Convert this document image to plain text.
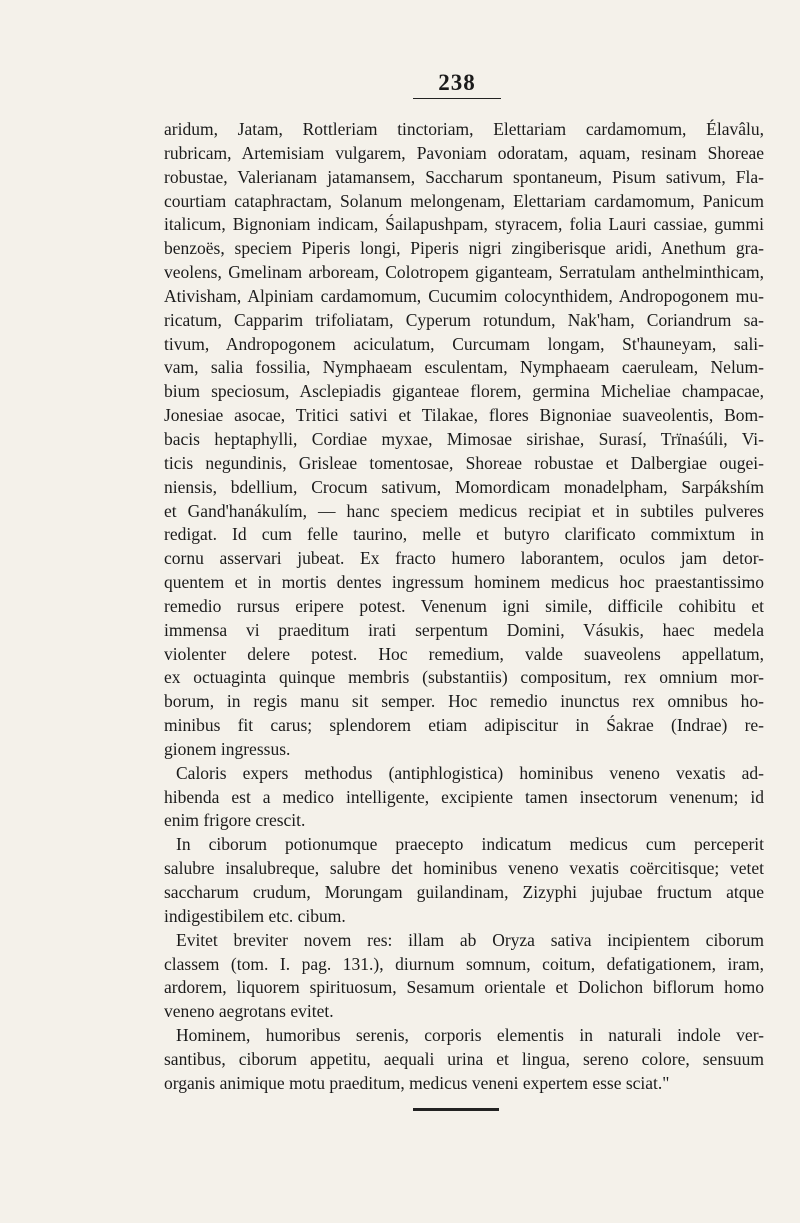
238
aridum, Jatam, Rottleriam tinctoriam, Elettariam cardamomum, Élavâlu,
rubricam, Artemisiam vulgarem, Pavoniam odoratam, aquam, resinam Shoreae
robustae, Valerianam jatamansem, Saccharum spontaneum, Pisum sativum, Fla-
courtiam cataphractam, Solanum melongenam, Elettariam cardamomum, Panicum
italicum, Bignoniam indicam, Śailapushpam, styracem, folia Lauri cassiae, gummi
benzoës, speciem Piperis longi, Piperis nigri zingiberisque aridi, Anethum gra-
veolens, Gmelinam arboream, Colotropem giganteam, Serratulam anthelminthicam,
Ativisham, Alpiniam cardamomum, Cucumim colocynthidem, Andropogonem mu-
ricatum, Capparim trifoliatam, Cyperum rotundum, Nak'ham, Coriandrum sa-
tivum, Andropogonem aciculatum, Curcumam longam, St'hauneyam, sali-
vam, salia fossilia, Nymphaeam esculentam, Nymphaeam caeruleam, Nelum-
bium speciosum, Asclepiadis giganteae florem, germina Micheliae champacae,
Jonesiae asocae, Tritici sativi et Tilakae, flores Bignoniae suaveolentis, Bom-
bacis heptaphylli, Cordiae myxae, Mimosae sirishae, Surasí, Trïnaśúli, Vi-
ticis negundinis, Grisleae tomentosae, Shoreae robustae et Dalbergiae ougei-
niensis, bdellium, Crocum sativum, Momordicam monadelpham, Sarpákshím
et Gand'hanákulím, — hanc speciem medicus recipiat et in subtiles pulveres
redigat. Id cum felle taurino, melle et butyro clarificato commixtum in
cornu asservari jubeat. Ex fracto humero laborantem, oculos jam detor-
quentem et in mortis dentes ingressum hominem medicus hoc praestantissimo
remedio rursus eripere potest. Venenum igni simile, difficile cohibitu et
immensa vi praeditum irati serpentum Domini, Vásukis, haec medela
violenter delere potest. Hoc remedium, valde suaveolens appellatum,
ex octuaginta quinque membris (substantiis) compositum, rex omnium mor-
borum, in regis manu sit semper. Hoc remedio inunctus rex omnibus ho-
minibus fit carus; splendorem etiam adipiscitur in Śakrae (Indrae) re-
gionem ingressus.
Caloris expers methodus (antiphlogistica) hominibus veneno vexatis ad-
hibenda est a medico intelligente, excipiente tamen insectorum venenum; id
enim frigore crescit.
In ciborum potionumque praecepto indicatum medicus cum perceperit
salubre insalubreque, salubre det hominibus veneno vexatis coërcitisque; vetet
saccharum crudum, Morungam guilandinam, Zizyphi jujubae fructum atque
indigestibilem etc. cibum.
Evitet breviter novem res: illam ab Oryza sativa incipientem ciborum
classem (tom. I. pag. 131.), diurnum somnum, coitum, defatigationem, iram,
ardorem, liquorem spirituosum, Sesamum orientale et Dolichon biflorum homo
veneno aegrotans evitet.
Hominem, humoribus serenis, corporis elementis in naturali indole ver-
santibus, ciborum appetitu, aequali urina et lingua, sereno colore, sensuum
organis animique motu praeditum, medicus veneni expertem esse sciat."
